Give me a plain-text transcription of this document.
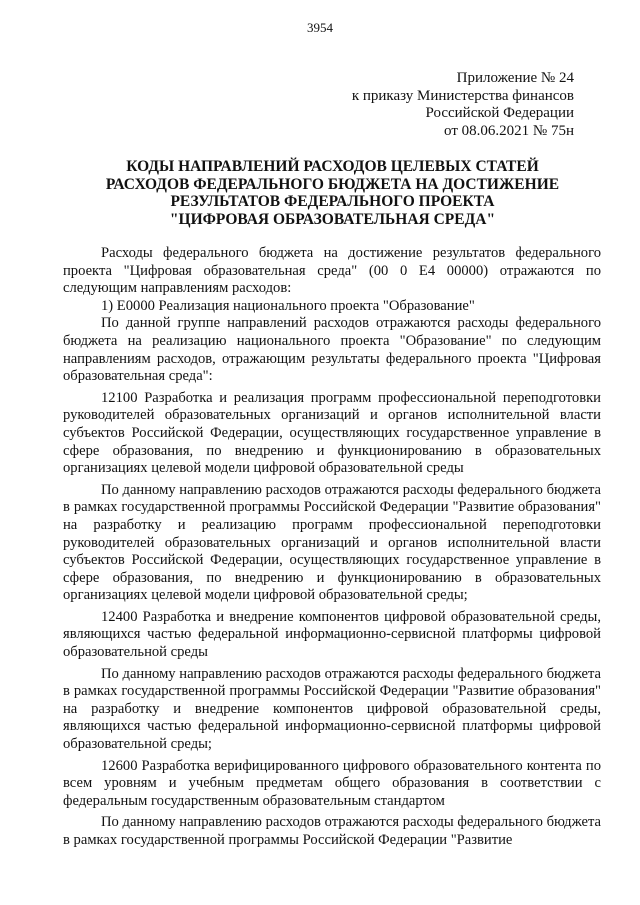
3954
Приложение № 24
к приказу Министерства финансов
Российской Федерации
от 08.06.2021 № 75н
КОДЫ НАПРАВЛЕНИЙ РАСХОДОВ ЦЕЛЕВЫХ СТАТЕЙ
РАСХОДОВ ФЕДЕРАЛЬНОГО БЮДЖЕТА НА ДОСТИЖЕНИЕ
РЕЗУЛЬТАТОВ ФЕДЕРАЛЬНОГО ПРОЕКТА
"ЦИФРОВАЯ ОБРАЗОВАТЕЛЬНАЯ СРЕДА"

Расходы федерального бюджета на достижение результатов федерального проекта "Цифровая образовательная среда" (00 0 Е4 00000) отражаются по следующим направлениям расходов:

1) Е0000 Реализация национального проекта "Образование"

По данной группе направлений расходов отражаются расходы федерального бюджета на реализацию национального проекта "Образование" по следующим направлениям расходов, отражающим результаты федерального проекта "Цифровая образовательная среда":

12100 Разработка и реализация программ профессиональной переподготовки руководителей образовательных организаций и органов исполнительной власти субъектов Российской Федерации, осуществляющих государственное управление в сфере образования, по внедрению и функционированию в образовательных организациях целевой модели цифровой образовательной среды

По данному направлению расходов отражаются расходы федерального бюджета в рамках государственной программы Российской Федерации "Развитие образования" на разработку и реализацию программ профессиональной переподготовки руководителей образовательных организаций и органов исполнительной власти субъектов Российской Федерации, осуществляющих государственное управление в сфере образования, по внедрению и функционированию в образовательных организациях целевой модели цифровой образовательной среды;

12400 Разработка и внедрение компонентов цифровой образовательной среды, являющихся частью федеральной информационно-сервисной платформы цифровой образовательной среды

По данному направлению расходов отражаются расходы федерального бюджета в рамках государственной программы Российской Федерации "Развитие образования" на разработку и внедрение компонентов цифровой образовательной среды, являющихся частью федеральной информационно-сервисной платформы цифровой образовательной среды;

12600 Разработка верифицированного цифрового образовательного контента по всем уровням и учебным предметам общего образования в соответствии с федеральным государственным образовательным стандартом

По данному направлению расходов отражаются расходы федерального бюджета в рамках государственной программы Российской Федерации "Развитие
